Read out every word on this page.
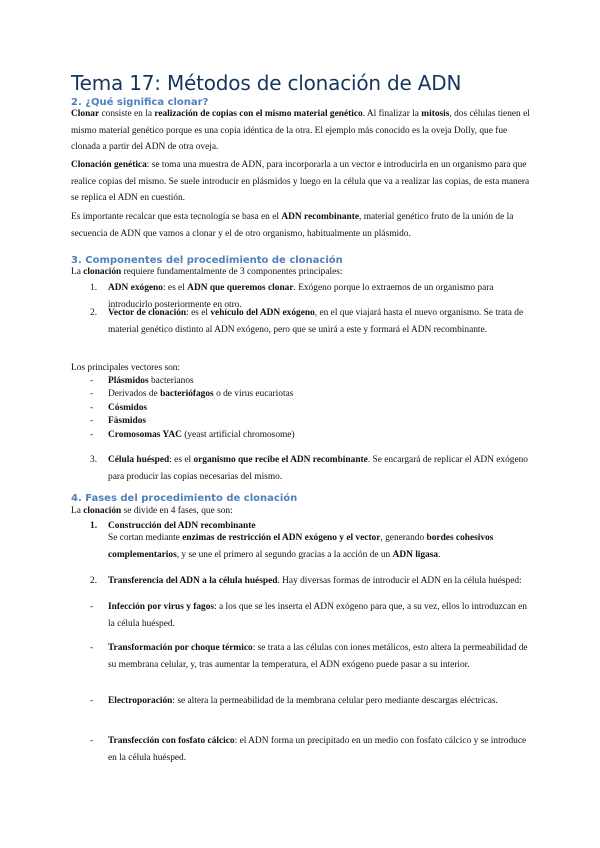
Tema 17: Métodos de clonación de ADN
2. ¿Qué significa clonar?

Clonar consiste en la realización de copias con el mismo material genético. Al finalizar la mitosis, dos células tienen el mismo material genético porque es una copia idéntica de la otra. El ejemplo más conocido es la oveja Dolly, que fue clonada a partir del ADN de otra oveja.

Clonación genética: se toma una muestra de ADN, para incorporarla a un vector e introducirla en un organismo para que realice copias del mismo. Se suele introducir en plásmidos y luego en la célula que va a realizar las copias, de esta manera se replica el ADN en cuestión.

Es importante recalcar que esta tecnología se basa en el ADN recombinante, material genético fruto de la unión de la secuencia de ADN que vamos a clonar y el de otro organismo, habitualmente un plásmido.

3. Componentes del procedimiento de clonación

La clonación requiere fundamentalmente de 3 componentes principales:

1.	ADN exógeno: es el ADN que queremos clonar. Exógeno porque lo extraemos de un organismo para introducirlo posteriormente en otro.
2.	Vector de clonación: es el vehículo del ADN exógeno, en el que viajará hasta el nuevo organismo. Se trata de material genético distinto al ADN exógeno, pero que se unirá a este y formará el ADN recombinante.

Los principales vectores son:

-	Plásmidos bacterianos
-	Derivados de bacteriófagos o de virus eucariotas
-	Cósmidos
-	Fásmidos
-	Cromosomas YAC (yeast artificial chromosome)
3.	Célula huésped: es el organismo que recibe el ADN recombinante. Se encargará de replicar el ADN exógeno para producir las copias necesarias del mismo.
4. Fases del procedimiento de clonación

La clonación se divide en 4 fases, que son:

1.	Construcción del ADN recombinante
Se cortan mediante enzimas de restricción el ADN exógeno y el vector, generando bordes cohesivos complementarios, y se une el primero al segundo gracias a la acción de un ADN ligasa.
2.	Transferencia del ADN a la célula huésped. Hay diversas formas de introducir el ADN en la célula huésped:
-	Infección por virus y fagos: a los que se les inserta el ADN exógeno para que, a su vez, ellos lo introduzcan en la célula huésped.
-	Transformación por choque térmico: se trata a las células con iones metálicos, esto altera la permeabilidad de su membrana celular, y, tras aumentar la temperatura, el ADN exógeno puede pasar a su interior.
-	Electroporación: se altera la permeabilidad de la membrana celular pero mediante descargas eléctricas.
-	Transfección con fosfato cálcico: el ADN forma un precipitado en un medio con fosfato cálcico y se introduce en la célula huésped.
